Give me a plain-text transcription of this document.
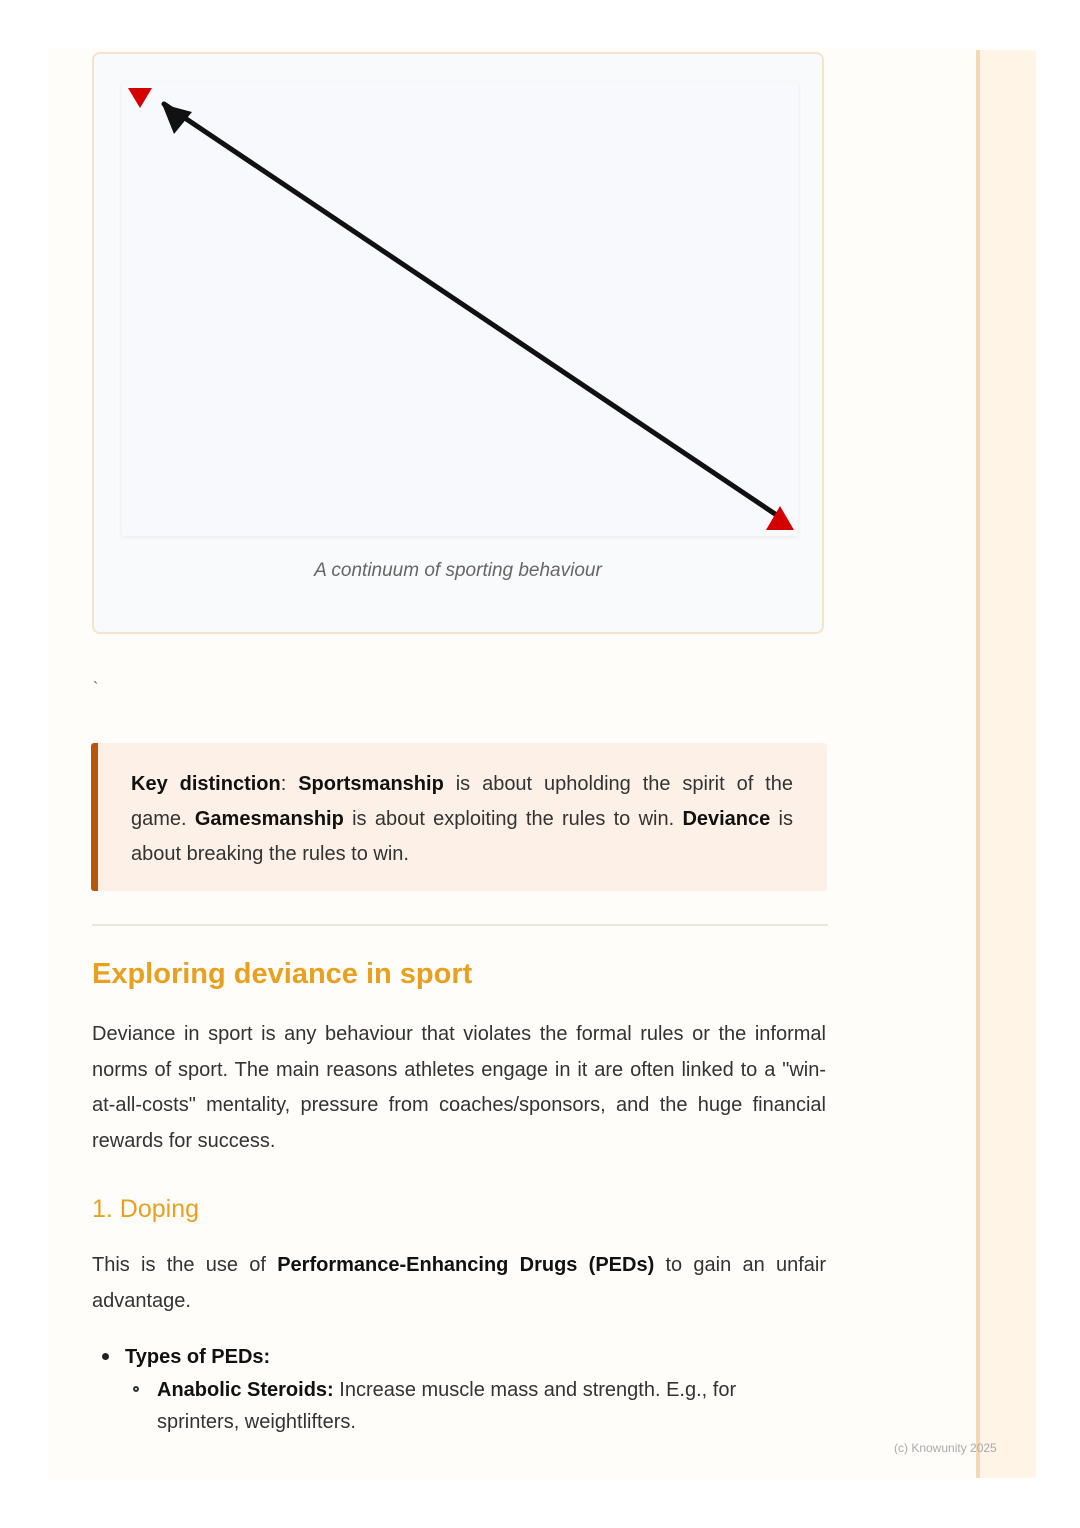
A continuum of sporting behaviour
`
Key distinction: Sportsmanship is about upholding the spirit of the game. Gamesmanship is about exploiting the rules to win. Deviance is about breaking the rules to win.
Exploring deviance in sport
Deviance in sport is any behaviour that violates the formal rules or the informal norms of sport. The main reasons athletes engage in it are often linked to a "win-at-all-costs" mentality, pressure from coaches/sponsors, and the huge financial rewards for success.
1. Doping
This is the use of Performance-Enhancing Drugs (PEDs) to gain an unfair advantage.
Types of PEDs:
Anabolic Steroids: Increase muscle mass and strength. E.g., for sprinters, weightlifters.
(c) Knowunity 2025
